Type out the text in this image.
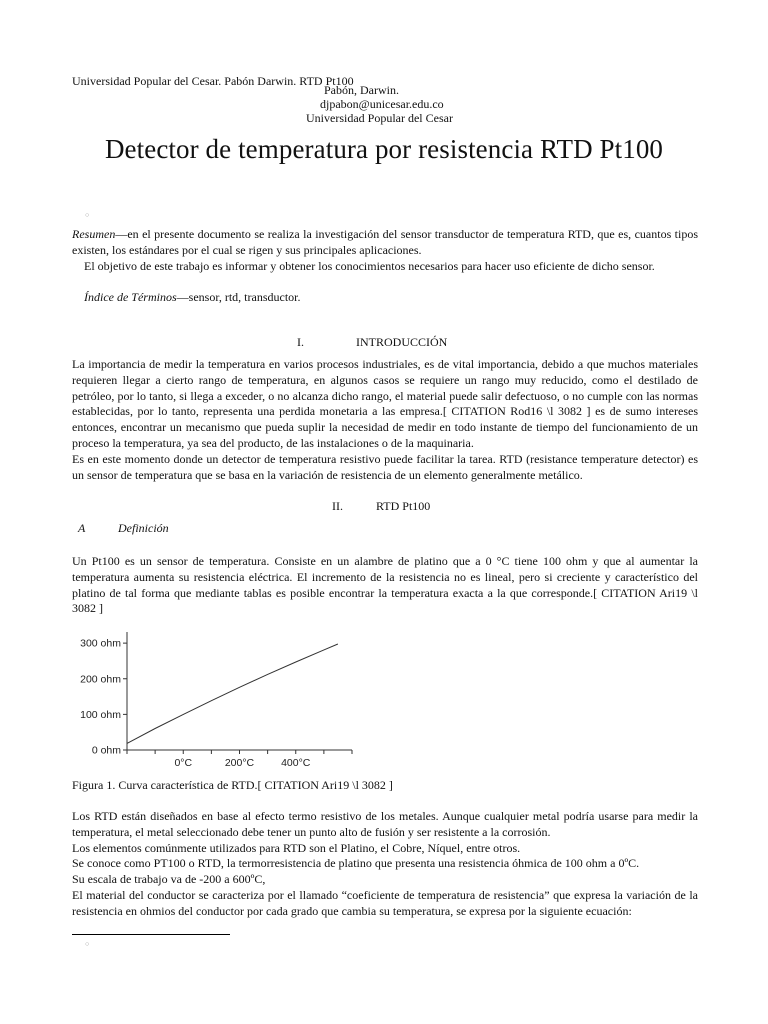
Universidad Popular del Cesar. Pabón Darwin. RTD Pt100
Pabón, Darwin.
djpabon@unicesar.edu.co
Universidad Popular del Cesar
Detector de temperatura por resistencia RTD Pt100
○

Resumen—en el presente documento se realiza la investigación del sensor transductor de temperatura RTD, que es, cuantos tipos existen, los estándares por el cual se rigen y sus principales aplicaciones.

El objetivo de este trabajo es informar y obtener los conocimientos necesarios para hacer uso eficiente de dicho sensor.

Índice de Términos—sensor, rtd, transductor.

I.	INTRODUCCIÓN

La importancia de medir la temperatura en varios procesos industriales, es de vital importancia, debido a que muchos materiales requieren llegar a cierto rango de temperatura, en algunos casos se requiere un rango muy reducido, como el destilado de petróleo, por lo tanto, si llega a exceder, o no alcanza dicho rango, el material puede salir defectuoso, o no cumple con las normas establecidas, por lo tanto, representa una perdida monetaria a las empresa.[ CITATION Rod16 \l 3082 ] es de sumo intereses entonces, encontrar un mecanismo que pueda suplir la necesidad de medir en todo instante de tiempo del funcionamiento de un proceso la temperatura, ya sea del producto, de las instalaciones o de la maquinaria.

Es en este momento donde un detector de temperatura resistivo puede facilitar la tarea. RTD (resistance temperature detector) es un sensor de temperatura que se basa en la variación de resistencia de un elemento generalmente metálico.

II.	RTD Pt100
A	Definición

Un Pt100 es un sensor de temperatura. Consiste en un alambre de platino que a 0 °C tiene 100 ohm y que al aumentar la temperatura aumenta su resistencia eléctrica. El incremento de la resistencia no es lineal, pero si creciente y característico del platino de tal forma que mediante tablas es posible encontrar la temperatura exacta a la que corresponde.[ CITATION Ari19 \l 3082 ]

0 ohm
100 ohm
200 ohm
300 ohm
0°C	200°C	400°C
Figura 1. Curva característica de RTD.[ CITATION Ari19 \l 3082 ]

Los RTD están diseñados en base al efecto termo resistivo de los metales. Aunque cualquier metal podría usarse para medir la temperatura, el metal seleccionado debe tener un punto alto de fusión y ser resistente a la corrosión.

Los elementos comúnmente utilizados para RTD son el Platino, el Cobre, Níquel, entre otros.

Se conoce como PT100 o RTD, la termorresistencia de platino que presenta una resistencia óhmica de 100 ohm a 0ºC.

Su escala de trabajo va de -200 a 600ºC,

El material del conductor se caracteriza por el llamado “coeficiente de temperatura de resistencia” que expresa la variación de la resistencia en ohmios del conductor por cada grado que cambia su temperatura, se expresa por la siguiente ecuación:

○
